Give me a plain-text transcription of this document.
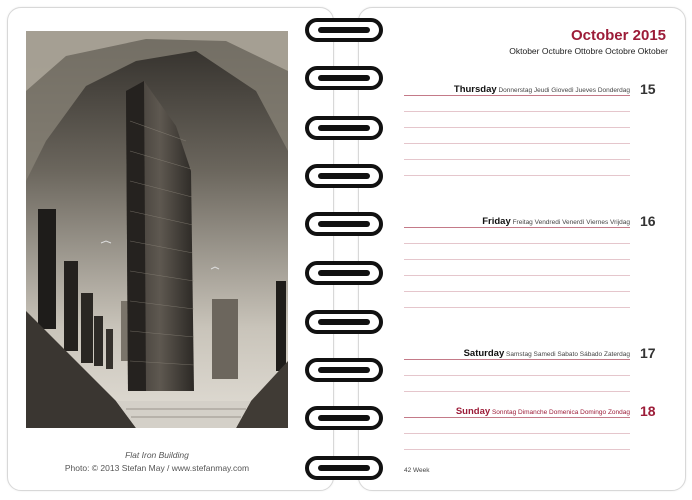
Flat Iron Building
Photo: © 2013 Stefan May / www.stefanmay.com
October 2015
Oktober Octubre Ottobre Octobre Oktober
Thursday Donnerstag Jeudi Giovedì Jueves Donderdag 15
Friday Freitag Vendredi Venerdì Viernes Vrijdag 16
Saturday Samstag Samedi Sabato Sábado Zaterdag 17
Sunday Sonntag Dimanche Domenica Domingo Zondag 18
42 Week
